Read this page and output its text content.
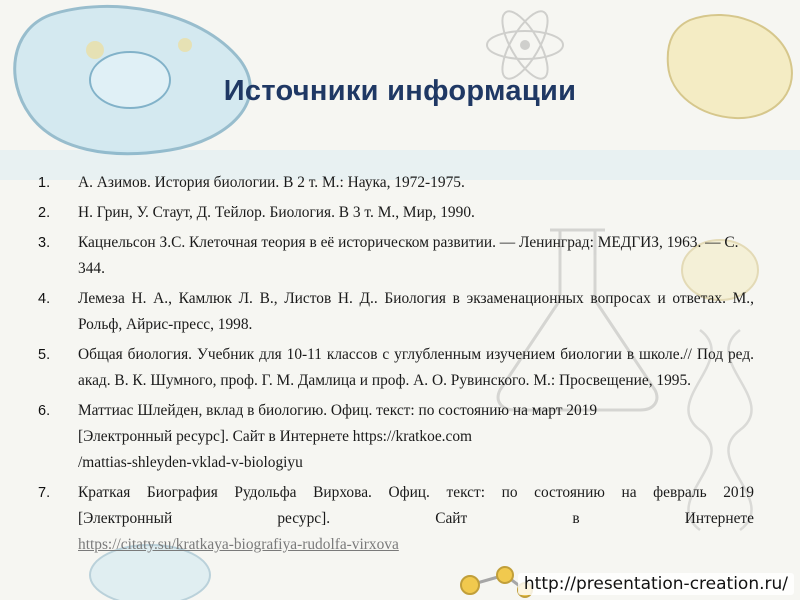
Источники информации
1.	А. Азимов. История биологии. В 2 т. М.: Наука, 1972-1975.
2.	Н. Грин, У. Стаут, Д. Тейлор. Биология. В 3 т. М., Мир, 1990.
3.	Кацнельсон З.С. Клеточная теория в её историческом развитии. — Ленинград: МЕДГИЗ, 1963. — С. 344.
4.	Лемеза Н. А., Камлюк Л. В., Листов Н. Д.. Биология в экзаменационных вопросах и ответах. М., Рольф, Айрис-пресс, 1998.
5.	Общая биология. Учебник для 10-11 классов с углубленным изучением биологии в школе.// Под ред. акад. В. К. Шумного, проф. Г. М. Дамлица и проф. А. О. Рувинского. М.: Просвещение, 1995.
6.	Маттиас Шлейден, вклад в биологию. Офиц. текст: по состоянию на март 2019
[Электронный ресурс]. Сайт в Интернете https://kratkoe.com
/mattias-shleyden-vklad-v-biologiyu
7.	Краткая Биография Рудольфа Вирхова. Офиц. текст: по состоянию на февраль 2019
[Электронный ресурс]. Сайт в Интернете
https://citaty.su/kratkaya-biografiya-rudolfa-virxova
http://presentation-creation.ru/
